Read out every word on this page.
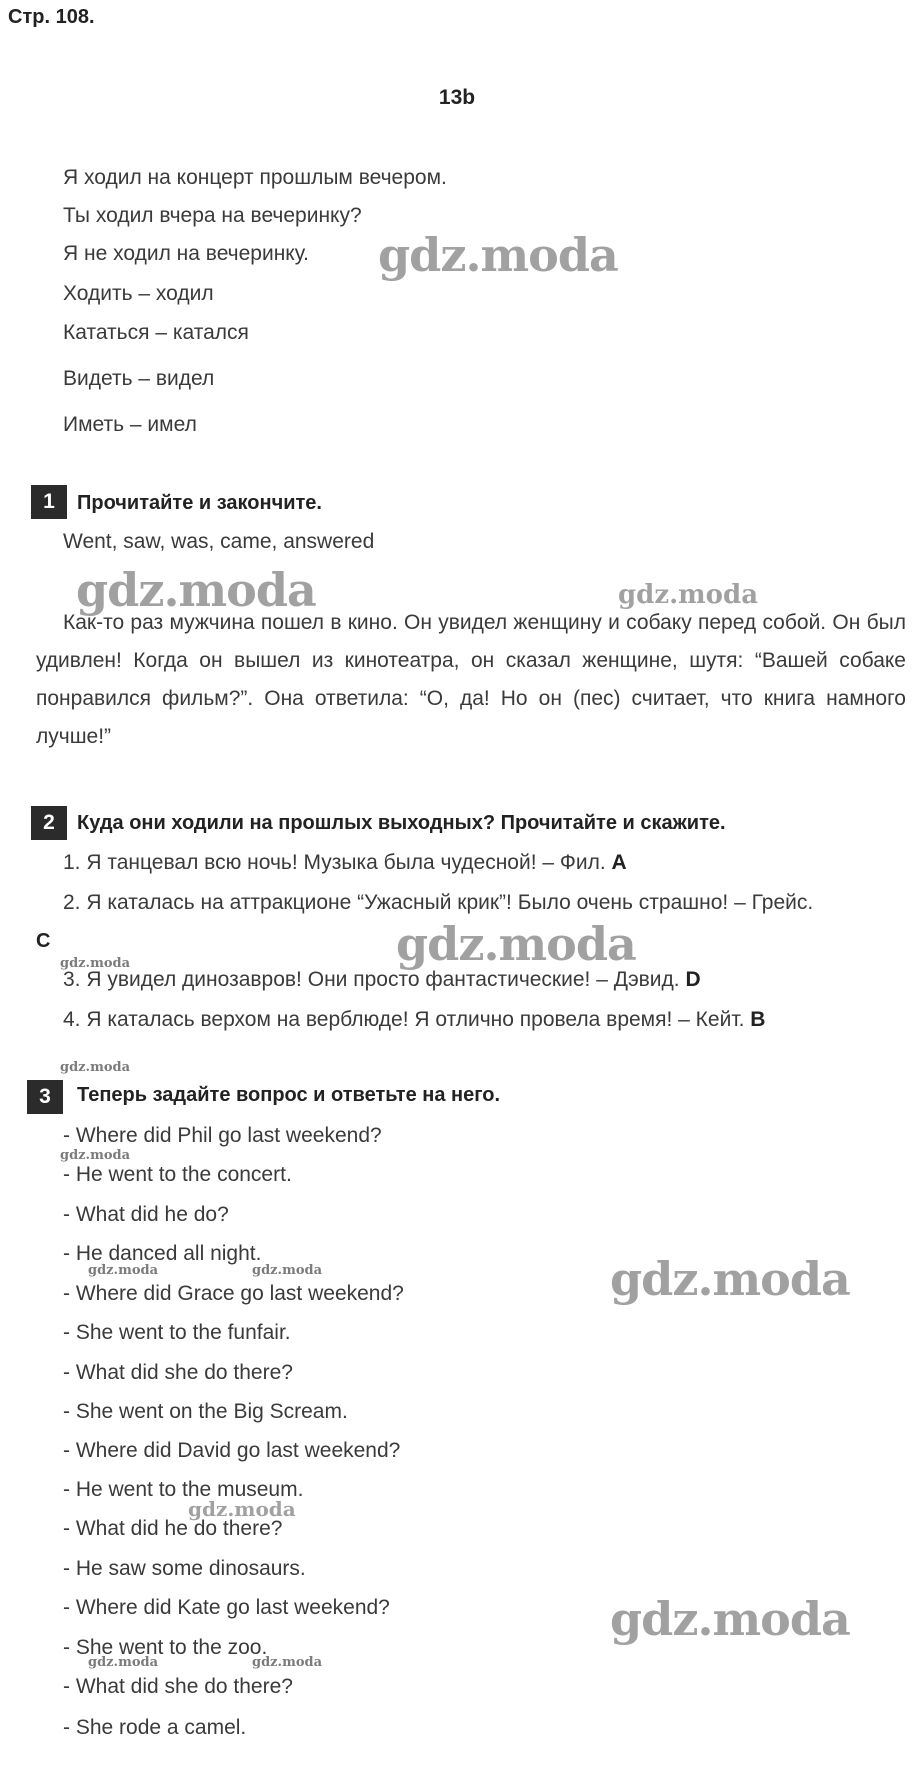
Стр. 108.
13b
Я ходил на концерт прошлым вечером.
Ты ходил вчера на вечеринку?
Я не ходил на вечеринку.
Ходить – ходил
Кататься – катался
Видеть – видел
Иметь – имел
1	Прочитайте и закончите.
Went, saw, was, came, answered
Как-то раз мужчина пошел в кино. Он увидел женщину и собаку перед собой. Он был удивлен! Когда он вышел из кинотеатра, он сказал женщине, шутя: “Вашей собаке понравился фильм?”. Она ответила: “О, да! Но он (пес) считает, что книга намного лучше!”
2	Куда они ходили на прошлых выходных? Прочитайте и скажите.
1. Я танцевал всю ночь! Музыка была чудесной! – Фил. A
2. Я каталась на аттракционе “Ужасный крик”! Было очень страшно! – Грейс.
C
3. Я увидел динозавров! Они просто фантастические! – Дэвид. D
4. Я каталась верхом на верблюде! Я отлично провела время! – Кейт. B
3	Теперь задайте вопрос и ответьте на него.
- Where did Phil go last weekend?
- He went to the concert.
- What did he do?
- He danced all night.
- Where did Grace go last weekend?
- She went to the funfair.
- What did she do there?
- She went on the Big Scream.
- Where did David go last weekend?
- He went to the museum.
- What did he do there?
- He saw some dinosaurs.
- Where did Kate go last weekend?
- She went to the zoo.
- What did she do there?
- She rode a camel.
gdz.moda
gdz.moda	gdz.moda
gdz.moda
gdz.moda
gdz.moda
gdz.moda
gdz.moda
gdz.moda
gdz.moda	gdz.moda
gdz.moda
gdz.moda	gdz.moda
